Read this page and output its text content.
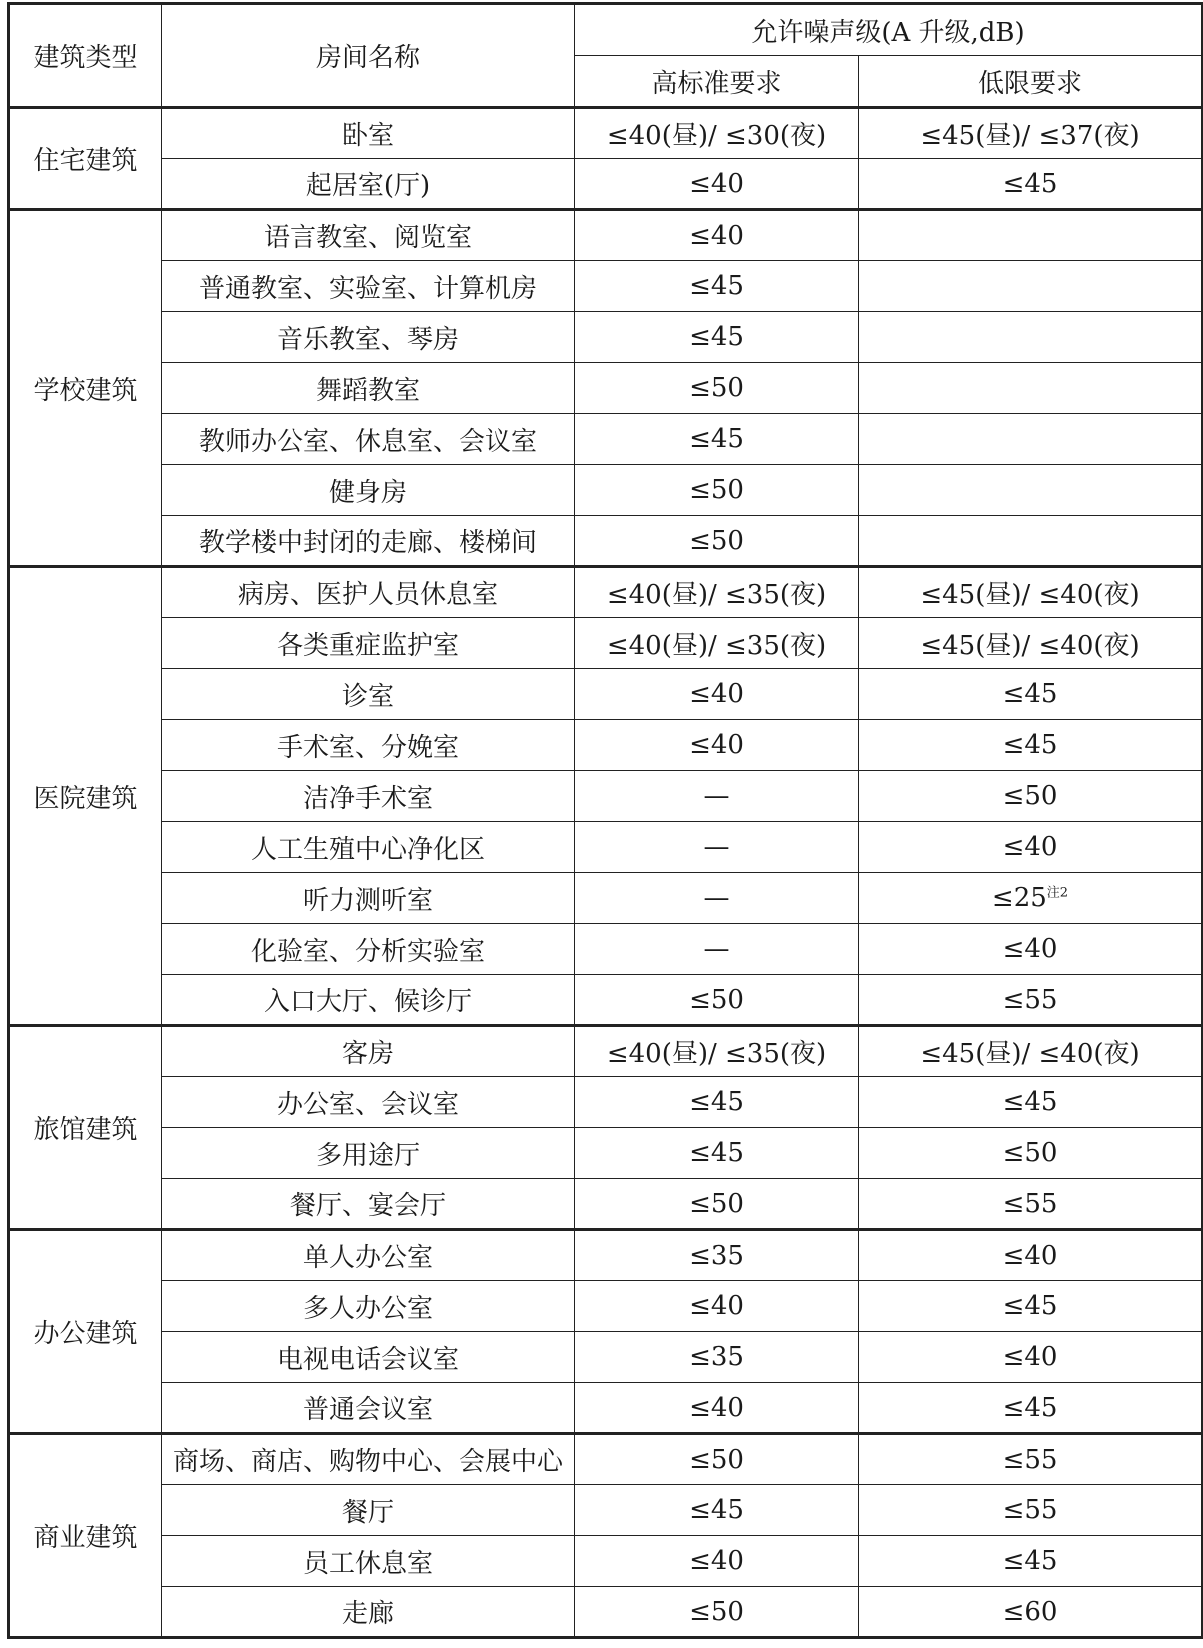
建筑类型	房间名称	允许噪声级(A 升级,dB)	
		高标准要求	低限要求
住宅建筑	卧室	≤40(昼)/ ≤30(夜)	≤45(昼)/ ≤37(夜)
	起居室(厅)	≤40	≤45
学校建筑	语言教室、阅览室	≤40	
	普通教室、实验室、计算机房	≤45	
	音乐教室、琴房	≤45	
	舞蹈教室	≤50	
	教师办公室、休息室、会议室	≤45	
	健身房	≤50	
	教学楼中封闭的走廊、楼梯间	≤50	
医院建筑	病房、医护人员休息室	≤40(昼)/ ≤35(夜)	≤45(昼)/ ≤40(夜)
	各类重症监护室	≤40(昼)/ ≤35(夜)	≤45(昼)/ ≤40(夜)
	诊室	≤40	≤45
	手术室、分娩室	≤40	≤45
	洁净手术室	—	≤50
	人工生殖中心净化区	—	≤40
	听力测听室	—	≤25$^{注2}$
	化验室、分析实验室	—	≤40
	入口大厅、候诊厅	≤50	≤55
旅馆建筑	客房	≤40(昼)/ ≤35(夜)	≤45(昼)/ ≤40(夜)
	办公室、会议室	≤45	≤45
	多用途厅	≤45	≤50
	餐厅、宴会厅	≤50	≤55
办公建筑	单人办公室	≤35	≤40
	多人办公室	≤40	≤45
	电视电话会议室	≤35	≤40
	普通会议室	≤40	≤45
商业建筑	商场、商店、购物中心、会展中心	≤50	≤55
	餐厅	≤45	≤55
	员工休息室	≤40	≤45
	走廊	≤50	≤60
